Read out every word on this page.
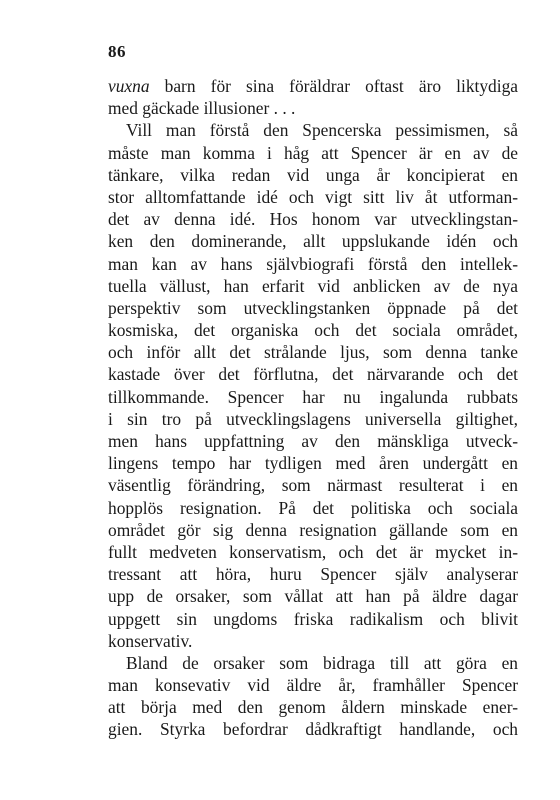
86
vuxna barn för sina föräldrar oftast äro liktydiga
med gäckade illusioner . . .
Vill man förstå den Spencerska pessimismen, så
måste man komma i håg att Spencer är en av de
tänkare, vilka redan vid unga år koncipierat en
stor alltomfattande idé och vigt sitt liv åt utforman-
det av denna idé. Hos honom var utvecklingstan-
ken den dominerande, allt uppslukande idén och
man kan av hans självbiografi förstå den intellek-
tuella vällust, han erfarit vid anblicken av de nya
perspektiv som utvecklingstanken öppnade på det
kosmiska, det organiska och det sociala området,
och inför allt det strålande ljus, som denna tanke
kastade över det förflutna, det närvarande och det
tillkommande. Spencer har nu ingalunda rubbats
i sin tro på utvecklingslagens universella giltighet,
men hans uppfattning av den mänskliga utveck-
lingens tempo har tydligen med åren undergått en
väsentlig förändring, som närmast resulterat i en
hopplös resignation. På det politiska och sociala
området gör sig denna resignation gällande som en
fullt medveten konservatism, och det är mycket in-
tressant att höra, huru Spencer själv analyserar
upp de orsaker, som vållat att han på äldre dagar
uppgett sin ungdoms friska radikalism och blivit
konservativ.
Bland de orsaker som bidraga till att göra en
man konsevativ vid äldre år, framhåller Spencer
att börja med den genom åldern minskade ener-
gien. Styrka befordrar dådkraftigt handlande, och
